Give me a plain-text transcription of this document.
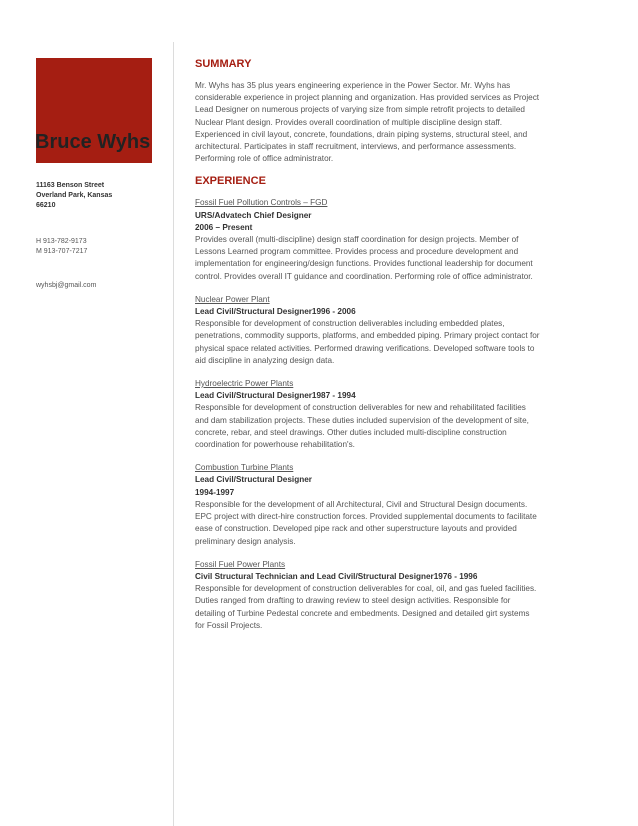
Bruce Wyhs
11163 Benson Street
Overland Park, Kansas
66210
H 913-782-9173
M 913-707-7217
wyhsbj@gmail.com
SUMMARY

Mr. Wyhs has 35 plus years engineering experience in the Power Sector. Mr. Wyhs has considerable experience in project planning and organization. Has provided services as Project Lead Designer on numerous projects of varying size from simple retrofit projects to detailed Nuclear Plant design. Provides overall coordination of multiple discipline design staff. Experienced in civil layout, concrete, foundations, drain piping systems, structural steel, and architectural. Participates in staff recruitment, interviews, and performance assessments. Performing role of office administrator.

EXPERIENCE

Fossil Fuel Pollution Controls – FGD

URS/Advatech Chief Designer

2006 – Present

Provides overall (multi-discipline) design staff coordination for design projects. Member of Lessons Learned program committee. Provides process and procedure development and implementation for engineering/design functions. Provides functional leadership for document control. Provides overall IT guidance and coordination. Performing role of office administrator.

Nuclear Power Plant

Lead Civil/Structural Designer1996 - 2006

Responsible for development of construction deliverables including embedded plates, penetrations, commodity supports, platforms, and embedded piping. Primary project contact for physical space related activities. Performed drawing verifications. Developed software tools to aid discipline in analyzing design data.

Hydroelectric Power Plants

Lead Civil/Structural Designer1987 - 1994

Responsible for development of construction deliverables for new and rehabilitated facilities and dam stabilization projects. These duties included supervision of the development of site, concrete, rebar, and steel drawings. Other duties included multi-discipline construction coordination for powerhouse rehabilitation's.

Combustion Turbine Plants

Lead Civil/Structural Designer

1994-1997

Responsible for the development of all Architectural, Civil and Structural Design documents. EPC project with direct-hire construction forces. Provided supplemental documents to facilitate ease of construction. Developed pipe rack and other superstructure layouts and provided preliminary design analysis.

Fossil Fuel Power Plants

Civil Structural Technician and Lead Civil/Structural Designer1976 - 1996

Responsible for development of construction deliverables for coal, oil, and gas fueled facilities. Duties ranged from drafting to drawing review to steel design activities. Responsible for detailing of Turbine Pedestal concrete and embedments. Designed and detailed girt systems for Fossil Projects.
